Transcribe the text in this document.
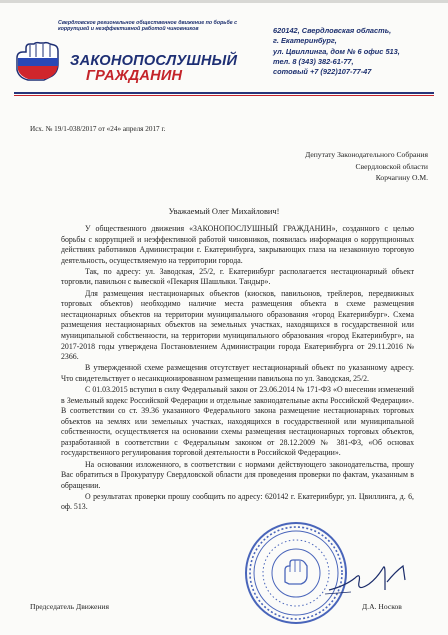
Свердловское региональное общественное движение по борьбе с коррупцией и неэффективной работой чиновников
ЗАКОНОПОСЛУШНЫЙ
ГРАЖДАНИН
620142, Свердловская область,
г. Екатеринбург,
ул. Цвиллинга, дом № 6 офис 513,
тел. 8 (343) 382-61-77,
сотовый +7 (922)107-77-47
Исх. № 19/1-038/2017 от «24» апреля 2017 г.
Депутату Законодательного Собрания
Свердловской области
Корчагину О.М.
Уважаемый Олег Михайлович!

У общественного движения «ЗАКОНОПОСЛУШНЫЙ ГРАЖДАНИН», созданного с целью борьбы с коррупцией и неэффективной работой чиновников, появилась информация о коррупционных действиях работников Администрации г. Екатеринбурга, закрывающих глаза на незаконную торговую деятельность, осуществляемую на территории города.

Так, по адресу: ул. Заводская, 25/2, г. Екатеринбург располагается нестационарный объект торговли, павильон с вывеской «Пекарня Шашлыки. Тандыр».

Для размещения нестационарных объектов (киосков, павильонов, трейлеров, передвижных торговых объектов) необходимо наличие места размещения объекта в схеме размещения нестационарных объектов на территории муниципального образования «город Екатеринбург». Схема размещения нестационарных объектов на земельных участках, находящихся в государственной или муниципальной собственности, на территории муниципального образования «город Екатеринбург», на 2017-2018 годы утверждена Постановлением Администрации города Екатеринбурга от 29.11.2016 № 2366.

В утвержденной схеме размещения отсутствует нестационарный объект по указанному адресу. Что свидетельствует о несанкционированном размещении павильона по ул. Заводская, 25/2.

С 01.03.2015 вступил в силу Федеральный закон от 23.06.2014 № 171-ФЗ «О внесении изменений в Земельный кодекс Российской Федерации и отдельные законодательные акты Российской Федерации». В соответствии со ст. 39.36 указанного Федерального закона размещение нестационарных торговых объектов на землях или земельных участках, находящихся в государственной или муниципальной собственности, осуществляется на основании схемы размещения нестационарных торговых объектов, разработанной в соответствии с Федеральным законом от 28.12.2009 № 381-ФЗ, «Об основах государственного регулирования торговой деятельности в Российской Федерации».

На основании изложенного, в соответствии с нормами действующего законодательства, прошу Вас обратиться в Прокуратуру Свердловской области для проведения проверки по фактам, указанным в обращении.

О результатах проверки прошу сообщить по адресу: 620142 г. Екатеринбург, ул. Цвиллинга, д. 6, оф. 513.

Председатель Движения	Д.А. Носков
